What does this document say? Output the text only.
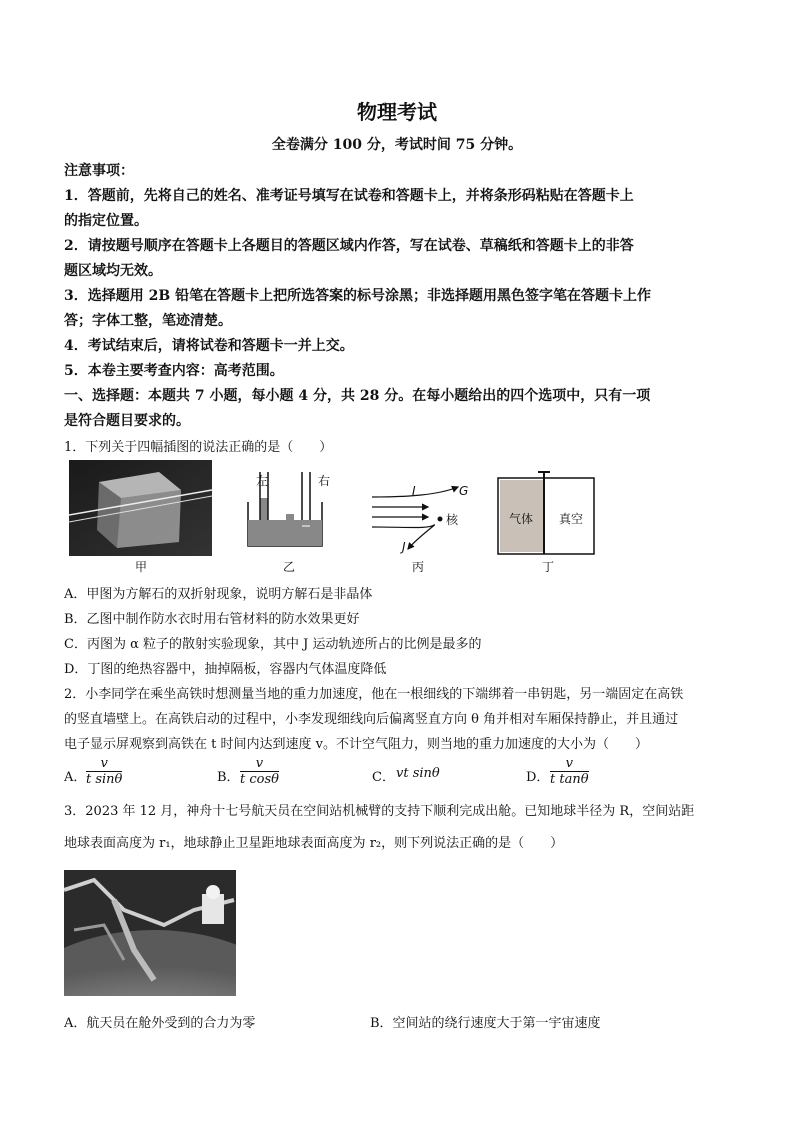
物理考试
全卷满分 100 分，考试时间 75 分钟。
注意事项：
1．答题前，先将自己的姓名、准考证号填写在试卷和答题卡上，并将条形码粘贴在答题卡上
的指定位置。
2．请按题号顺序在答题卡上各题目的答题区域内作答，写在试卷、草稿纸和答题卡上的非答
题区域均无效。
3．选择题用 2B 铅笔在答题卡上把所选答案的标号涂黑；非选择题用黑色签字笔在答题卡上作
答；字体工整，笔迹清楚。
4．考试结束后，请将试卷和答题卡一并上交。
5．本卷主要考查内容：高考范围。
一、选择题：本题共 7 小题，每小题 4 分，共 28 分。在每小题给出的四个选项中，只有一项
是符合题目要求的。
1．下列关于四幅插图的说法正确的是（　　）
甲
左	右
乙
I	G
核
J
丙
气体 真空
丁
A．甲图为方解石的双折射现象，说明方解石是非晶体
B．乙图中制作防水衣时用右管材料的防水效果更好
C．丙图为 α 粒子的散射实验现象，其中 J 运动轨迹所占的比例是最多的
D．丁图的绝热容器中，抽掉隔板，容器内气体温度降低
2．小李同学在乘坐高铁时想测量当地的重力加速度，他在一根细线的下端绑着一串钥匙，另一端固定在高铁
的竖直墙壁上。在高铁启动的过程中，小李发现细线向后偏离竖直方向 θ 角并相对车厢保持静止，并且通过
电子显示屏观察到高铁在 t 时间内达到速度 v。不计空气阻力，则当地的重力加速度的大小为（　　）
A． $\frac{v}{\text{t sinθ}}$	B． $\frac{v}{\text{t cosθ}}$	C． vt sinθ	D． $\frac{v}{\text{t tanθ}}$
3．2023 年 12 月，神舟十七号航天员在空间站机械臂的支持下顺利完成出舱。已知地球半径为 R，空间站距
地球表面高度为 r₁，地球静止卫星距地球表面高度为 r₂，则下列说法正确的是（　　）
A．航天员在舱外受到的合力为零	B．空间站的绕行速度大于第一宇宙速度
